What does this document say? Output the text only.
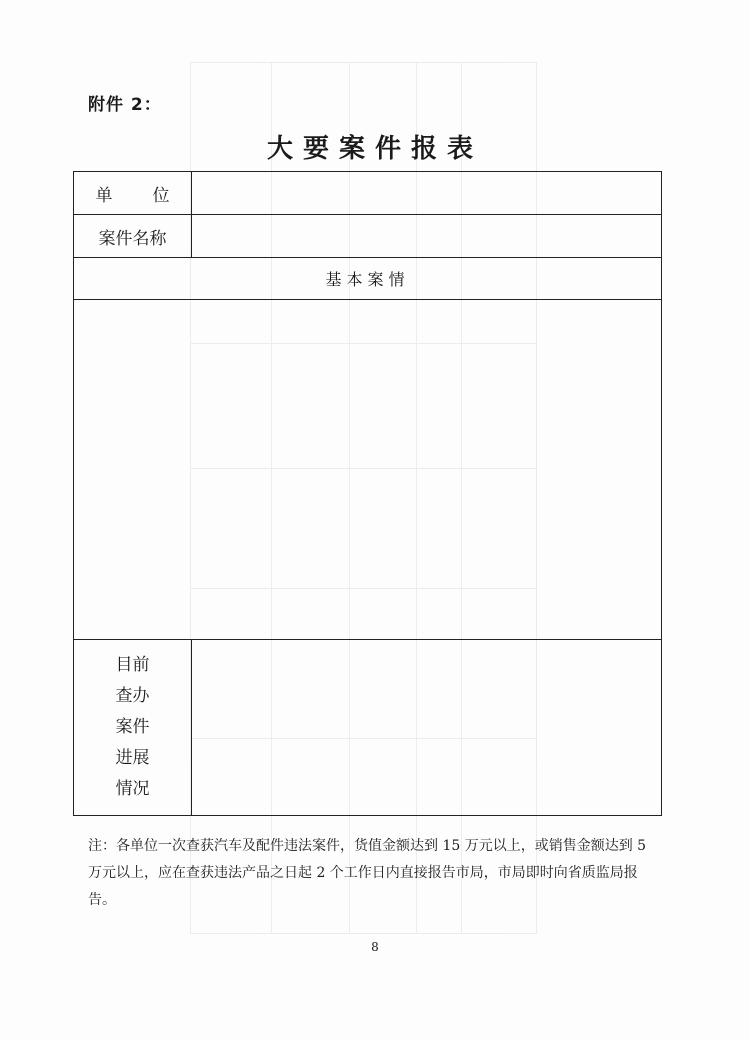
附件 2：
大要案件报表
单位
案件名称
基本案情
目前
查办
案件
进展
情况
注：各单位一次查获汽车及配件违法案件，货值金额达到 15 万元以上，或销售金额达到 5 万元以上，应在查获违法产品之日起 2 个工作日内直接报告市局，市局即时向省质监局报告。
8
